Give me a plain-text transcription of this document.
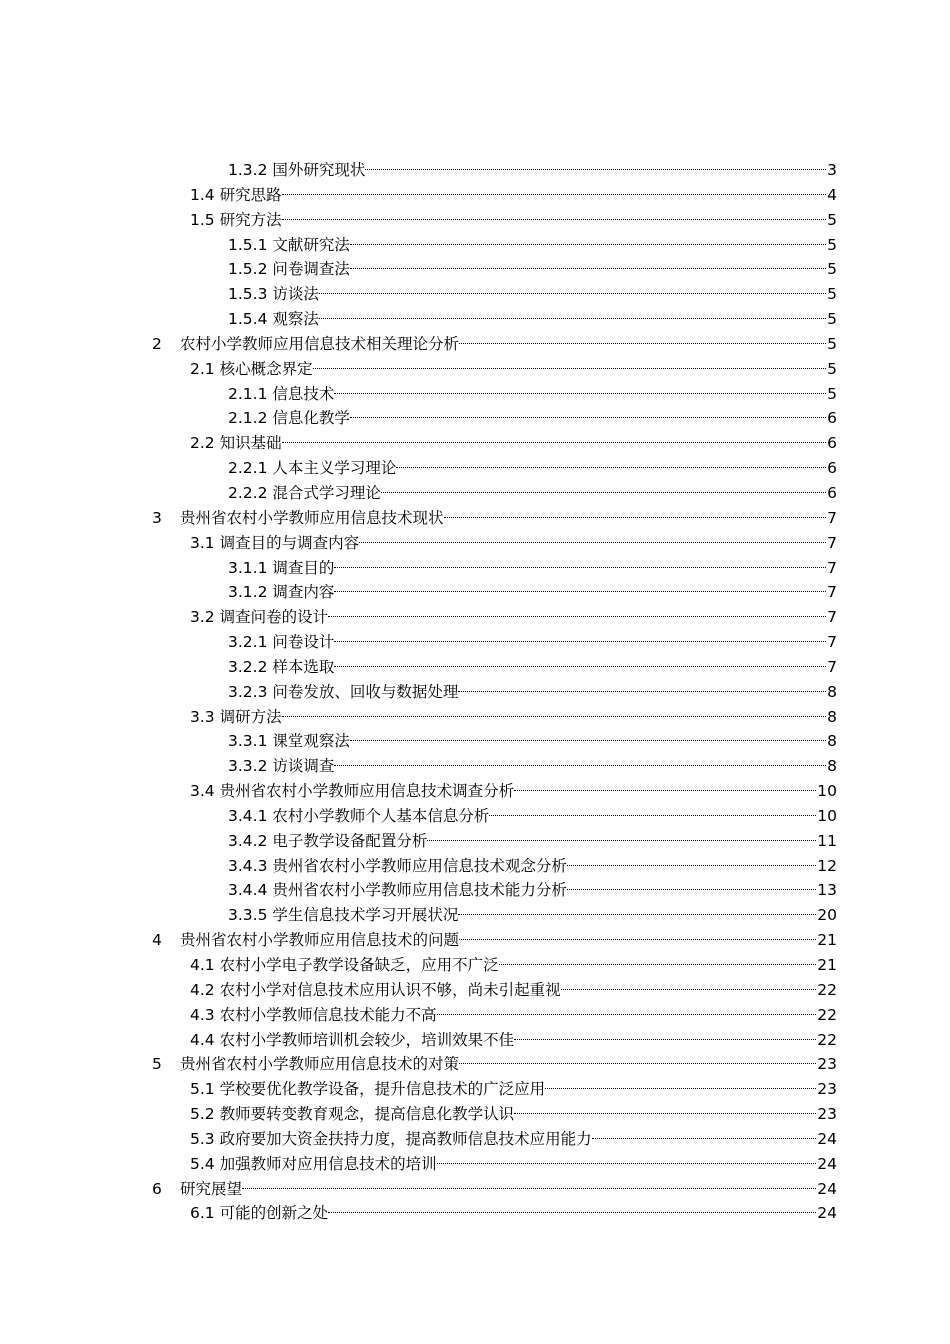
1.3.2 国外研究现状	3
1.4 研究思路	4
1.5 研究方法	5
1.5.1 文献研究法	5
1.5.2 问卷调查法	5
1.5.3 访谈法	5
1.5.4 观察法	5
2 农村小学教师应用信息技术相关理论分析	5
2.1 核心概念界定	5
2.1.1 信息技术	5
2.1.2 信息化教学	6
2.2 知识基础	6
2.2.1 人本主义学习理论	6
2.2.2 混合式学习理论	6
3 贵州省农村小学教师应用信息技术现状	7
3.1 调查目的与调查内容	7
3.1.1 调查目的	7
3.1.2 调查内容	7
3.2 调查问卷的设计	7
3.2.1 问卷设计	7
3.2.2 样本选取	7
3.2.3 问卷发放、回收与数据处理	8
3.3 调研方法	8
3.3.1 课堂观察法	8
3.3.2 访谈调查	8
3.4 贵州省农村小学教师应用信息技术调查分析	10
3.4.1 农村小学教师个人基本信息分析	10
3.4.2 电子教学设备配置分析	11
3.4.3 贵州省农村小学教师应用信息技术观念分析	12
3.4.4 贵州省农村小学教师应用信息技术能力分析	13
3.3.5 学生信息技术学习开展状况	20
4 贵州省农村小学教师应用信息技术的问题	21
4.1 农村小学电子教学设备缺乏，应用不广泛	21
4.2 农村小学对信息技术应用认识不够，尚未引起重视	22
4.3 农村小学教师信息技术能力不高	22
4.4 农村小学教师培训机会较少，培训效果不佳	22
5 贵州省农村小学教师应用信息技术的对策	23
5.1 学校要优化教学设备，提升信息技术的广泛应用	23
5.2 教师要转变教育观念，提高信息化教学认识	23
5.3 政府要加大资金扶持力度，提高教师信息技术应用能力	24
5.4 加强教师对应用信息技术的培训	24
6 研究展望	24
6.1 可能的创新之处	24
